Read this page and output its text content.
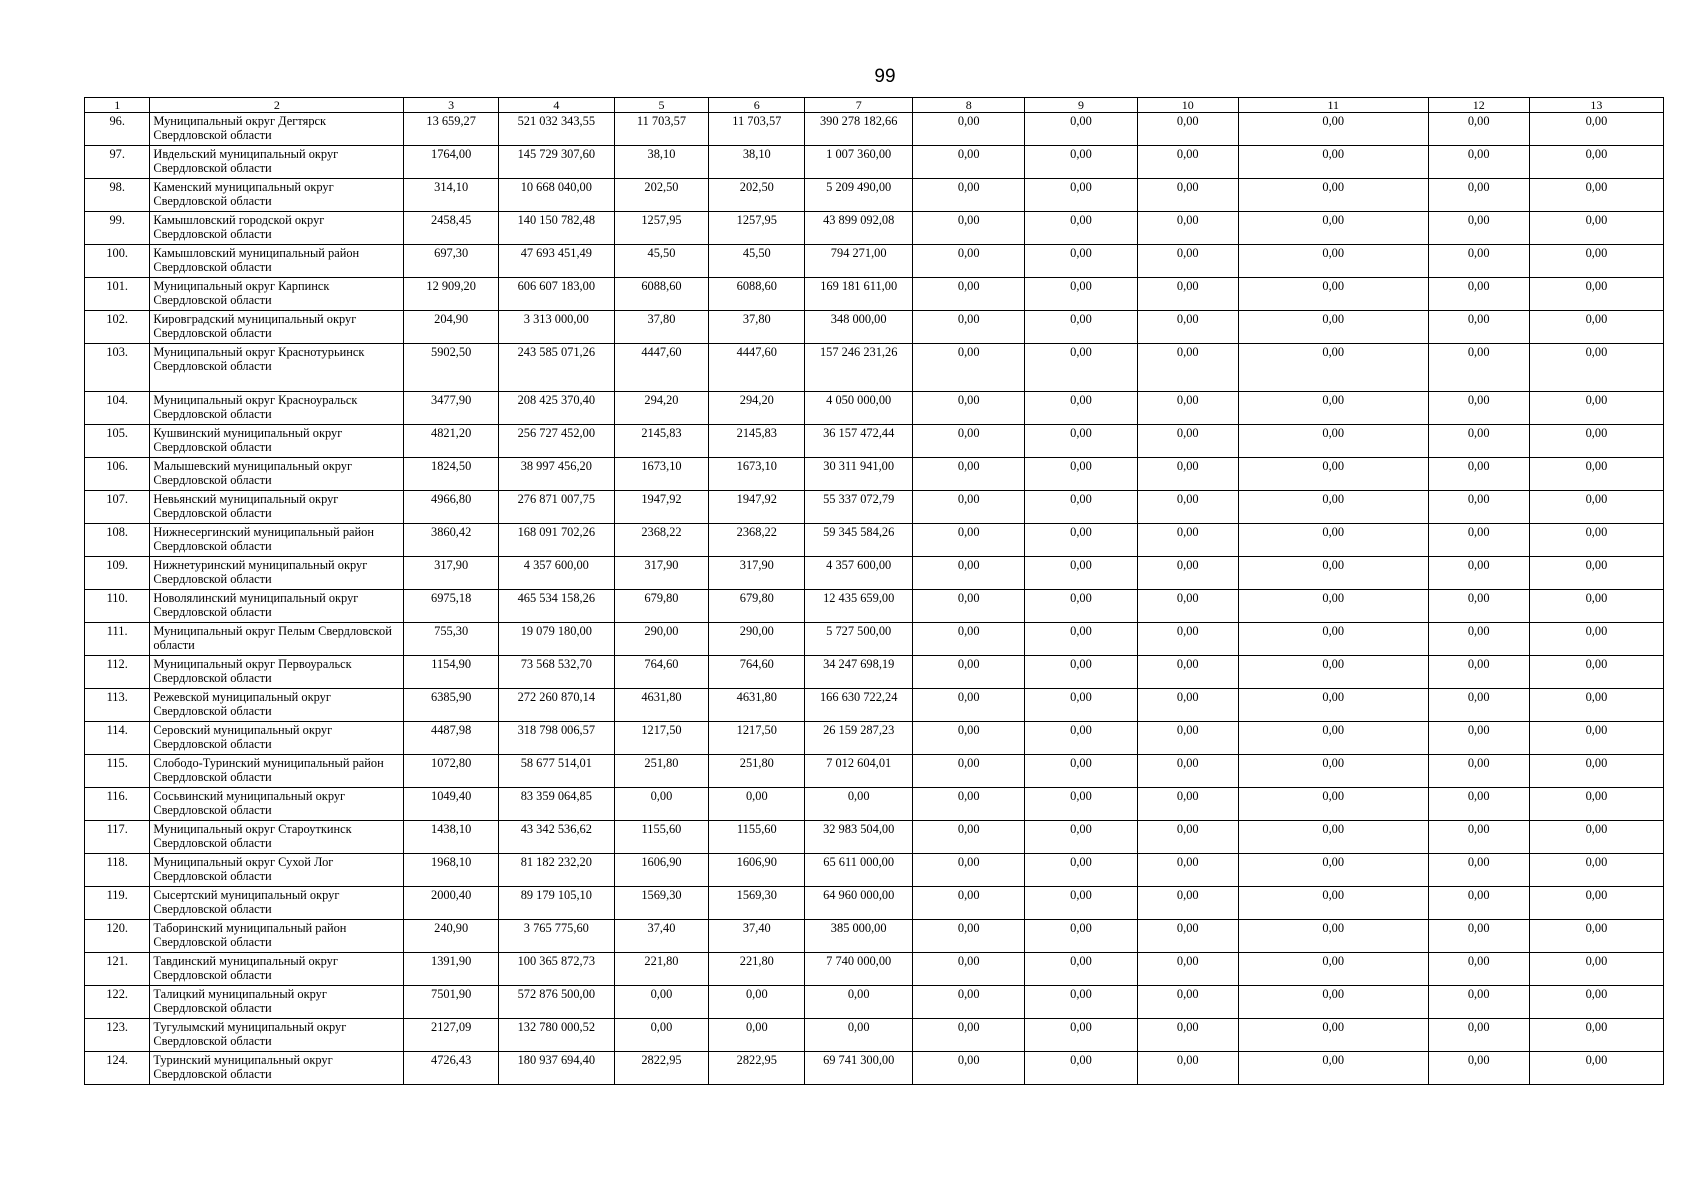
99
1	2	3	4	5	6	7	8	9	10	11	12	13
96.	Муниципальный округ Дегтярск Свердловской области	13 659,27	521 032 343,55	11 703,57	11 703,57	390 278 182,66	0,00	0,00	0,00	0,00	0,00	0,00
97.	Ивдельский муниципальный округ Свердловской области	1764,00	145 729 307,60	38,10	38,10	1 007 360,00	0,00	0,00	0,00	0,00	0,00	0,00
98.	Каменский муниципальный округ Свердловской области	314,10	10 668 040,00	202,50	202,50	5 209 490,00	0,00	0,00	0,00	0,00	0,00	0,00
99.	Камышловский городской округ Свердловской области	2458,45	140 150 782,48	1257,95	1257,95	43 899 092,08	0,00	0,00	0,00	0,00	0,00	0,00
100.	Камышловский муниципальный район Свердловской области	697,30	47 693 451,49	45,50	45,50	794 271,00	0,00	0,00	0,00	0,00	0,00	0,00
101.	Муниципальный округ Карпинск Свердловской области	12 909,20	606 607 183,00	6088,60	6088,60	169 181 611,00	0,00	0,00	0,00	0,00	0,00	0,00
102.	Кировградский муниципальный округ Свердловской области	204,90	3 313 000,00	37,80	37,80	348 000,00	0,00	0,00	0,00	0,00	0,00	0,00
103.	Муниципальный округ Краснотурьинск Свердловской области	5902,50	243 585 071,26	4447,60	4447,60	157 246 231,26	0,00	0,00	0,00	0,00	0,00	0,00
104.	Муниципальный округ Красноуральск Свердловской области	3477,90	208 425 370,40	294,20	294,20	4 050 000,00	0,00	0,00	0,00	0,00	0,00	0,00
105.	Кушвинский муниципальный округ Свердловской области	4821,20	256 727 452,00	2145,83	2145,83	36 157 472,44	0,00	0,00	0,00	0,00	0,00	0,00
106.	Малышевский муниципальный округ Свердловской области	1824,50	38 997 456,20	1673,10	1673,10	30 311 941,00	0,00	0,00	0,00	0,00	0,00	0,00
107.	Невьянский муниципальный округ Свердловской области	4966,80	276 871 007,75	1947,92	1947,92	55 337 072,79	0,00	0,00	0,00	0,00	0,00	0,00
108.	Нижнесергинский муниципальный район Свердловской области	3860,42	168 091 702,26	2368,22	2368,22	59 345 584,26	0,00	0,00	0,00	0,00	0,00	0,00
109.	Нижнетуринский муниципальный округ Свердловской области	317,90	4 357 600,00	317,90	317,90	4 357 600,00	0,00	0,00	0,00	0,00	0,00	0,00
110.	Новолялинский муниципальный округ Свердловской области	6975,18	465 534 158,26	679,80	679,80	12 435 659,00	0,00	0,00	0,00	0,00	0,00	0,00
111.	Муниципальный округ Пелым Свердловской области	755,30	19 079 180,00	290,00	290,00	5 727 500,00	0,00	0,00	0,00	0,00	0,00	0,00
112.	Муниципальный округ Первоуральск Свердловской области	1154,90	73 568 532,70	764,60	764,60	34 247 698,19	0,00	0,00	0,00	0,00	0,00	0,00
113.	Режевской муниципальный округ Свердловской области	6385,90	272 260 870,14	4631,80	4631,80	166 630 722,24	0,00	0,00	0,00	0,00	0,00	0,00
114.	Серовский муниципальный округ Свердловской области	4487,98	318 798 006,57	1217,50	1217,50	26 159 287,23	0,00	0,00	0,00	0,00	0,00	0,00
115.	Слободо-Туринский муниципальный район Свердловской области	1072,80	58 677 514,01	251,80	251,80	7 012 604,01	0,00	0,00	0,00	0,00	0,00	0,00
116.	Сосьвинский муниципальный округ Свердловской области	1049,40	83 359 064,85	0,00	0,00	0,00	0,00	0,00	0,00	0,00	0,00	0,00
117.	Муниципальный округ Староуткинск Свердловской области	1438,10	43 342 536,62	1155,60	1155,60	32 983 504,00	0,00	0,00	0,00	0,00	0,00	0,00
118.	Муниципальный округ Сухой Лог Свердловской области	1968,10	81 182 232,20	1606,90	1606,90	65 611 000,00	0,00	0,00	0,00	0,00	0,00	0,00
119.	Сысертский муниципальный округ Свердловской области	2000,40	89 179 105,10	1569,30	1569,30	64 960 000,00	0,00	0,00	0,00	0,00	0,00	0,00
120.	Таборинский муниципальный район Свердловской области	240,90	3 765 775,60	37,40	37,40	385 000,00	0,00	0,00	0,00	0,00	0,00	0,00
121.	Тавдинский муниципальный округ Свердловской области	1391,90	100 365 872,73	221,80	221,80	7 740 000,00	0,00	0,00	0,00	0,00	0,00	0,00
122.	Талицкий муниципальный округ Свердловской области	7501,90	572 876 500,00	0,00	0,00	0,00	0,00	0,00	0,00	0,00	0,00	0,00
123.	Тугулымский муниципальный округ Свердловской области	2127,09	132 780 000,52	0,00	0,00	0,00	0,00	0,00	0,00	0,00	0,00	0,00
124.	Туринский муниципальный округ Свердловской области	4726,43	180 937 694,40	2822,95	2822,95	69 741 300,00	0,00	0,00	0,00	0,00	0,00	0,00
